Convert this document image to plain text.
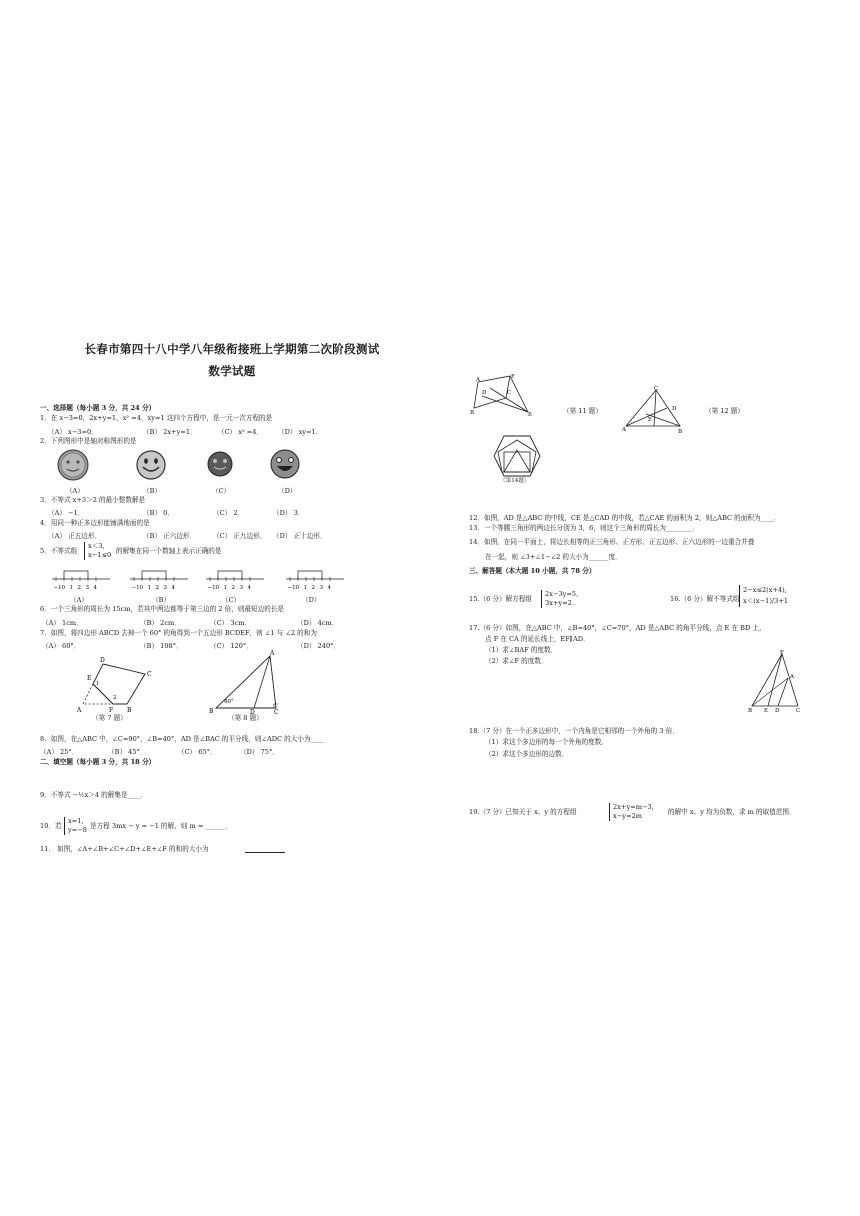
长春市第四十八中学八年级衔接班上学期第二次阶段测试
数学试题
一、选择题（每小题 3 分，共 24 分）
1．在 x−3=0，2x+y=1，x² =4，xy=1 这四个方程中，是一元一次方程的是
（A） x−3=0．	（B） 2x+y=1．	（C） x² =4． （D） xy=1．
2．下列图形中是轴对称图形的是
（A）	（B）	（C）	（D）
3．不等式 x+3＞2 的最小整数解是
（A） −1．	（B） 0．	（C） 2．	（D） 3．
4．用同一种正多边形能铺满地面的是
（A） 正五边形．	（B） 正六边形．	（C） 正九边形． （D） 正十边形．
5．不等式组
x＜3,
x−1≤0 的解集在同一个数轴上表示正确的是
−1 0 1 2 3 4	−1 0 1 2 3 4	−1 0 1 2 3 4	−1 0 1 2 3 4
（A）	（B）	（C）	（D）
6．一个三角形的周长为 15cm，若其中两边都等于第三边的 2 倍，则最短边的长是
（A） 1cm．	（B） 2cm．	（C） 3cm．	（D） 4cm．
7．如图，将四边形 ABCD 去掉一个 60° 的角得到一个五边形 BCDEF，则 ∠1 与 ∠2 的和为
（A） 60°．	（B） 108°．	（C） 120°．	（D） 240°．
D
E
1
2
C
A	F B
（第 7 题）
A
B	D	C
40°
（第 8 题）
8．如图，在△ABC 中，∠C=90°，∠B=40°，AD 是∠BAC 的平分线，则∠ADC 的大小为____
（A） 25°．	（B） 45°．	（C） 65°．	（D） 75°．
二、填空题（每小题 3 分，共 18 分）
9．不等式 −½x＞4 的解集是____．
10．若
x=1,
y=−8 是方程 3mx − y = −1 的解，则 m = ______．
11． 如图，∠A+∠B+∠C+∠D+∠E+∠F 的和的大小为
A	F
B
D	C
E	（第 11 题）
C
D
E
A	B
（第 12 题）
（第14题）
12．如图，AD 是△ABC 的中线，CE 是△CAD 的中线，若△CAE 的面积为 2，则△ABC 的面积为____．
13．一个等腰三角形的两边长分别为 3，6，则这个三角形的周长为________．
14．如图，在同一平面上，将边长相等的正三角形、正方形、正五边形、正六边形的一边重合并叠
在一起，则 ∠3+∠1−∠2 的大小为______度．
三、解答题（本大题 10 小题，共 78 分）
15.（6 分）解方程组
2x−3y=5,
3x+y=2.	16.（6 分）解不等式组
2−x≤2(x+4),
x＜(x−1)/3+1
17.（6 分）如图，在△ABC 中，∠B=40°，∠C=70°，AD 是△ABC 的角平分线，点 E 在 BD 上，
点 F 在 CA 的延长线上，EF∥AD．
（1）求∠BAF 的度数．
（2）求∠F 的度数．
F
A
B E D	C
18.（7 分）在一个正多边形中，一个内角是它相邻的一个外角的 3 倍．
（1）求这个多边形的每一个外角的度数．
（2）求这个多边形的边数．
19.（7 分）已知关于 x、y 的方程组
2x+y=m−3,
x−y=2m	的解中 x、y 均为负数，求 m 的取值范围．
